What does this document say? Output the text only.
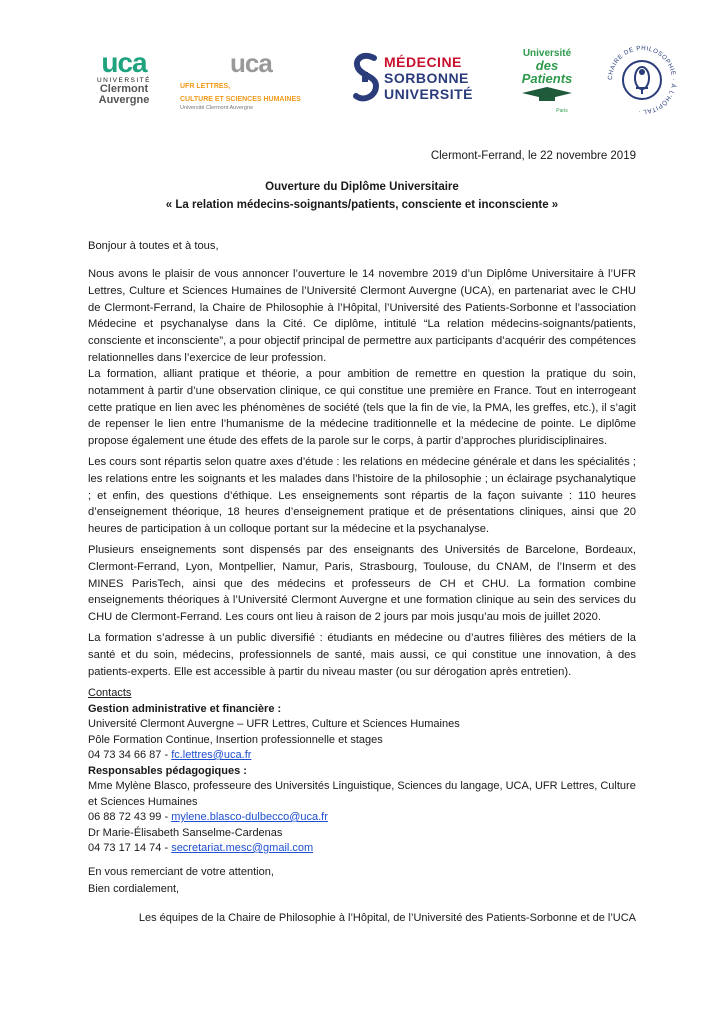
uca
UNIVERSITÉ
Clermont
Auvergne
uca
UFR LETTRES,
CULTURE ET SCIENCES HUMAINES
Université Clermont Auvergne
MÉDECINE
SORBONNE
UNIVERSITÉ
Université
des Patients
Paris
CHAIRE DE PHILOSOPHIE · À L'HÔPITAL ·
Clermont-Ferrand, le 22 novembre 2019
Ouverture du Diplôme Universitaire
« La relation médecins-soignants/patients, consciente et inconsciente »

Bonjour à toutes et à tous,

Nous avons le plaisir de vous annoncer l’ouverture le 14 novembre 2019 d’un Diplôme Universitaire à l’UFR Lettres, Culture et Sciences Humaines de l’Université Clermont Auvergne (UCA), en partenariat avec le CHU de Clermont-Ferrand, la Chaire de Philosophie à l’Hôpital, l’Université des Patients-Sorbonne et l’association Médecine et psychanalyse dans la Cité. Ce diplôme, intitulé “La relation médecins-soignants/patients, consciente et inconsciente”, a pour objectif principal de permettre aux participants d’acquérir des compétences relationnelles dans l’exercice de leur profession.

La formation, alliant pratique et théorie, a pour ambition de remettre en question la pratique du soin, notamment à partir d’une observation clinique, ce qui constitue une première en France. Tout en interrogeant cette pratique en lien avec les phénomènes de société (tels que la fin de vie, la PMA, les greffes, etc.), il s’agit de repenser le lien entre l’humanisme de la médecine traditionnelle et la médecine de pointe. Le diplôme propose également une étude des effets de la parole sur le corps, à partir d’approches pluridisciplinaires.

Les cours sont répartis selon quatre axes d’étude : les relations en médecine générale et dans les spécialités ; les relations entre les soignants et les malades dans l’histoire de la philosophie ; un éclairage psychanalytique ; et enfin, des questions d’éthique. Les enseignements sont répartis de la façon suivante : 110 heures d’enseignement théorique, 18 heures d’enseignement pratique et de présentations cliniques, ainsi que 20 heures de participation à un colloque portant sur la médecine et la psychanalyse.

Plusieurs enseignements sont dispensés par des enseignants des Universités de Barcelone, Bordeaux, Clermont-Ferrand, Lyon, Montpellier, Namur, Paris, Strasbourg, Toulouse, du CNAM, de l’Inserm et des MINES ParisTech, ainsi que des médecins et professeurs de CH et CHU. La formation combine enseignements théoriques à l’Université Clermont Auvergne et une formation clinique au sein des services du CHU de Clermont-Ferrand. Les cours ont lieu à raison de 2 jours par mois jusqu’au mois de juillet 2020.

La formation s’adresse à un public diversifié : étudiants en médecine ou d’autres filières des métiers de la santé et du soin, médecins, professionnels de santé, mais aussi, ce qui constitue une innovation, à des patients-experts. Elle est accessible à partir du niveau master (ou sur dérogation après entretien).

Contacts
Gestion administrative et financière :
Université Clermont Auvergne – UFR Lettres, Culture et Sciences Humaines
Pôle Formation Continue, Insertion professionnelle et stages
04 73 34 66 87 - fc.lettres@uca.fr
Responsables pédagogiques :
Mme Mylène Blasco, professeure des Universités Linguistique, Sciences du langage, UCA, UFR Lettres, Culture et Sciences Humaines
06 88 72 43 99 - mylene.blasco-dulbecco@uca.fr
Dr Marie-Élisabeth Sanselme-Cardenas
04 73 17 14 74 - secretariat.mesc@gmail.com
En vous remerciant de votre attention,
Bien cordialement,
Les équipes de la Chaire de Philosophie à l’Hôpital, de l’Université des Patients-Sorbonne et de l’UCA
